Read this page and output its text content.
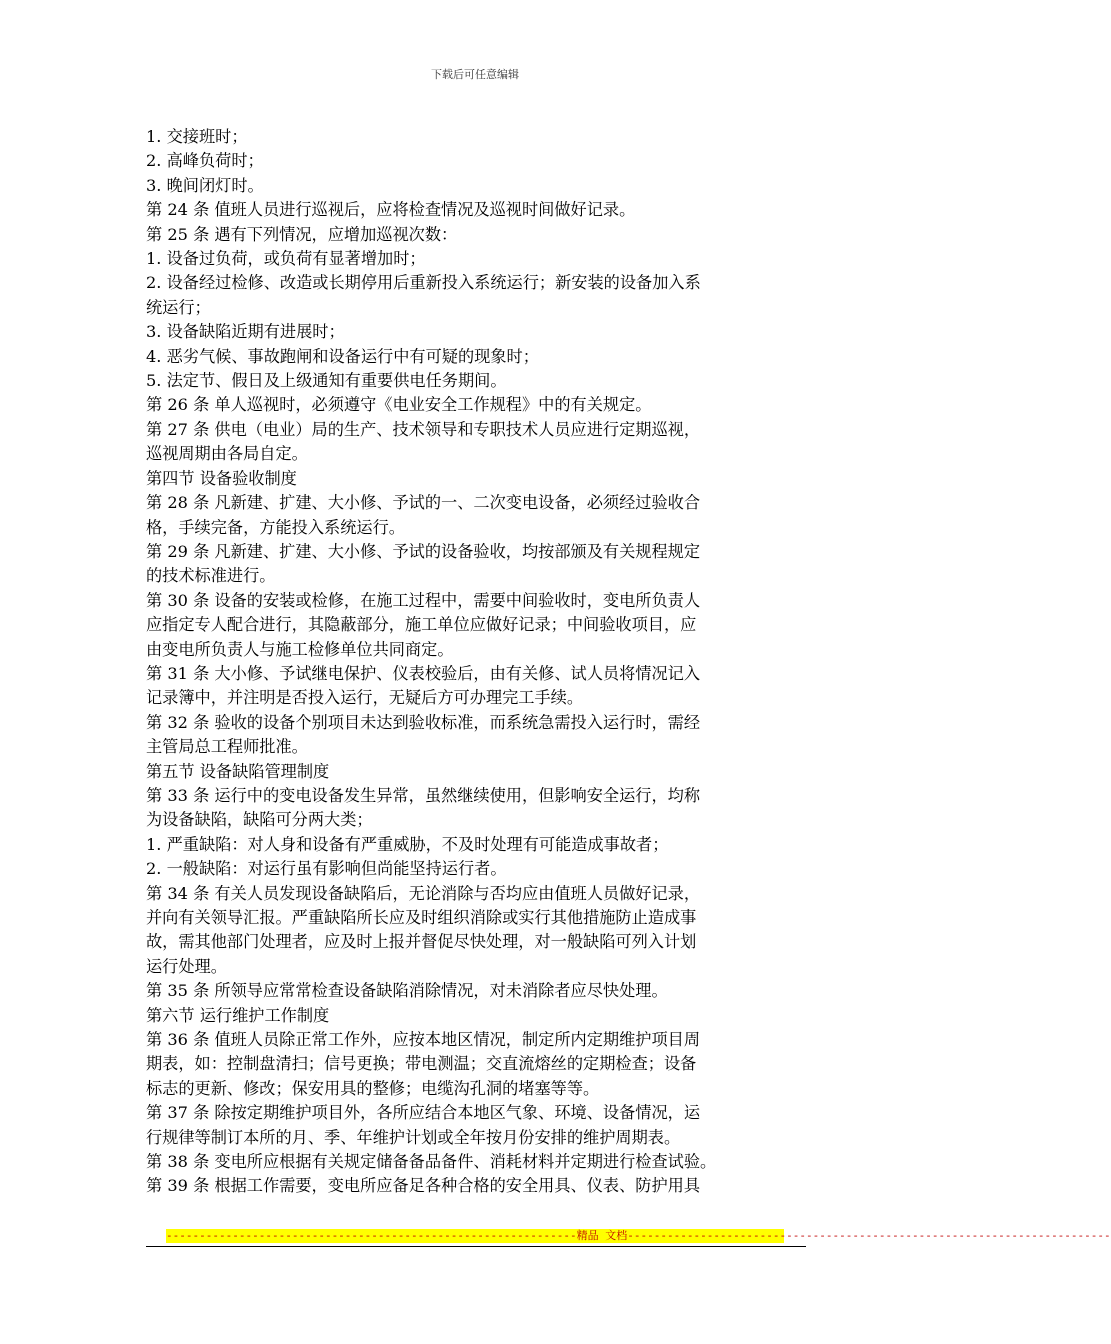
下载后可任意编辑
1. 交接班时；
2. 高峰负荷时；
3. 晚间闭灯时。
第 24 条 值班人员进行巡视后，应将检查情况及巡视时间做好记录。
第 25 条 遇有下列情况，应增加巡视次数：
1. 设备过负荷，或负荷有显著增加时；
2. 设备经过检修、改造或长期停用后重新投入系统运行；新安装的设备加入系
统运行；
3. 设备缺陷近期有进展时；
4. 恶劣气候、事故跑闸和设备运行中有可疑的现象时；
5. 法定节、假日及上级通知有重要供电任务期间。
第 26 条 单人巡视时，必须遵守《电业安全工作规程》中的有关规定。
第 27 条 供电（电业）局的生产、技术领导和专职技术人员应进行定期巡视，
巡视周期由各局自定。
第四节 设备验收制度
第 28 条 凡新建、扩建、大小修、予试的一、二次变电设备，必须经过验收合
格，手续完备，方能投入系统运行。
第 29 条 凡新建、扩建、大小修、予试的设备验收，均按部颁及有关规程规定
的技术标准进行。
第 30 条 设备的安装或检修，在施工过程中，需要中间验收时，变电所负责人
应指定专人配合进行，其隐蔽部分，施工单位应做好记录；中间验收项目，应
由变电所负责人与施工检修单位共同商定。
第 31 条 大小修、予试继电保护、仪表校验后，由有关修、试人员将情况记入
记录簿中，并注明是否投入运行，无疑后方可办理完工手续。
第 32 条 验收的设备个别项目未达到验收标准，而系统急需投入运行时，需经
主管局总工程师批准。
第五节 设备缺陷管理制度
第 33 条 运行中的变电设备发生异常，虽然继续使用，但影响安全运行，均称
为设备缺陷，缺陷可分两大类；
1. 严重缺陷：对人身和设备有严重威胁，不及时处理有可能造成事故者；
2. 一般缺陷：对运行虽有影响但尚能坚持运行者。
第 34 条 有关人员发现设备缺陷后，无论消除与否均应由值班人员做好记录，
并向有关领导汇报。严重缺陷所长应及时组织消除或实行其他措施防止造成事
故，需其他部门处理者，应及时上报并督促尽快处理，对一般缺陷可列入计划
运行处理。
第 35 条 所领导应常常检查设备缺陷消除情况，对未消除者应尽快处理。
第六节 运行维护工作制度
第 36 条 值班人员除正常工作外，应按本地区情况，制定所内定期维护项目周
期表，如：控制盘清扫；信号更换；带电测温；交直流熔丝的定期检查；设备
标志的更新、修改；保安用具的整修；电缆沟孔洞的堵塞等等。
第 37 条 除按定期维护项目外，各所应结合本地区气象、环境、设备情况，运
行规律等制订本所的月、季、年维护计划或全年按月份安排的维护周期表。
第 38 条 变电所应根据有关规定储备备品备件、消耗材料并定期进行检查试验。
第 39 条 根据工作需要，变电所应备足各种合格的安全用具、仪表、防护用具
--------------------------------------------------------------精品 文档-------------------------------------------------------------------------
